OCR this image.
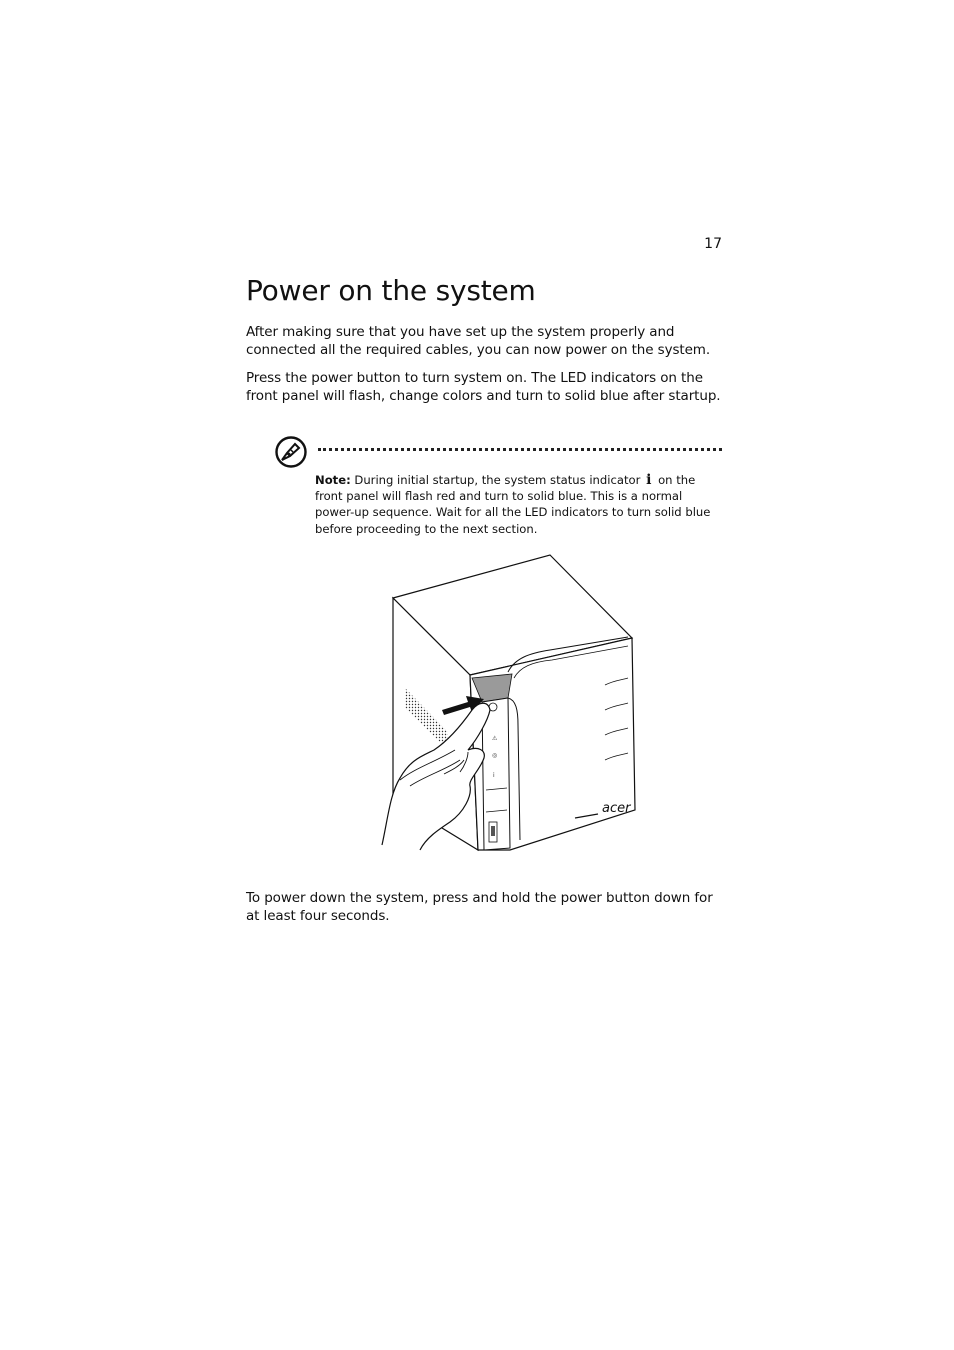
17
Power on the system

After making sure that you have set up the system properly and connected all the required cables, you can now power on the system.

Press the power button to turn system on. The LED indicators on the front panel will flash, change colors and turn to solid blue after startup.

Note: During initial startup, the system status indicator i on the front panel will flash red and turn to solid blue. This is a normal power-up sequence. Wait for all the LED indicators to turn solid blue before proceeding to the next section.

⚠
◎
i
acer

To power down the system, press and hold the power button down for at least four seconds.
